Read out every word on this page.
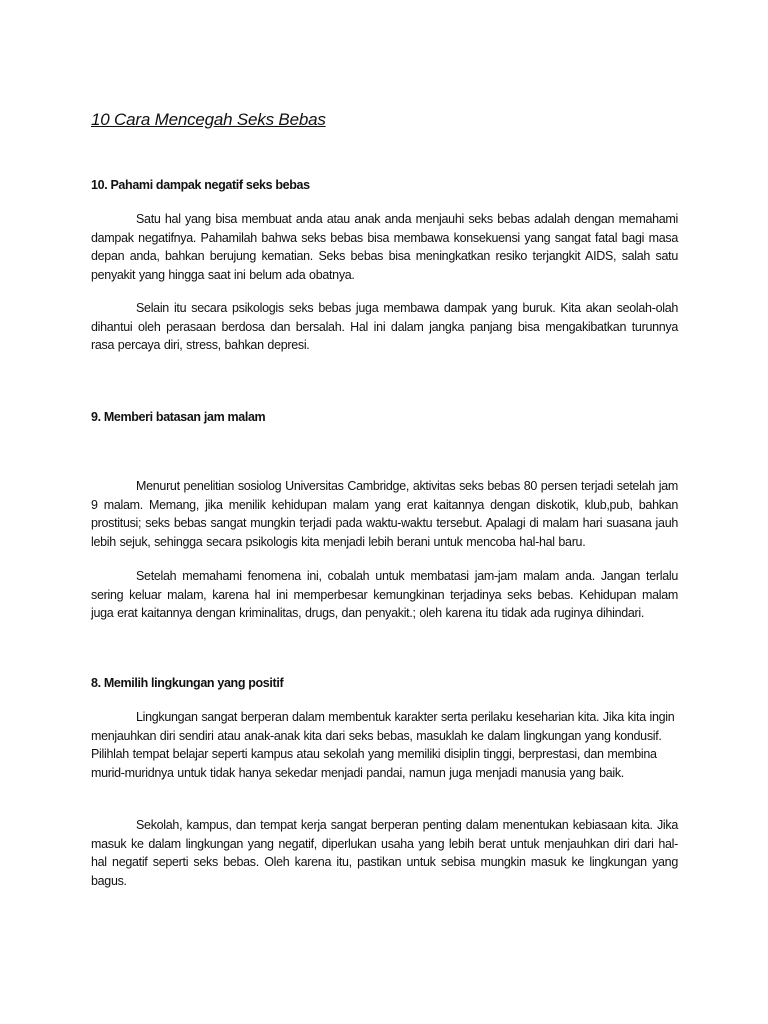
10 Cara Mencegah Seks Bebas
10. Pahami dampak negatif seks bebas

Satu hal yang bisa membuat anda atau anak anda menjauhi seks bebas adalah dengan memahami dampak negatifnya. Pahamilah bahwa seks bebas bisa membawa konsekuensi yang sangat fatal bagi masa depan anda, bahkan berujung kematian. Seks bebas bisa meningkatkan resiko terjangkit AIDS, salah satu penyakit yang hingga saat ini belum ada obatnya.

Selain itu secara psikologis seks bebas juga membawa dampak yang buruk. Kita akan seolah-olah dihantui oleh perasaan berdosa dan bersalah. Hal ini dalam jangka panjang bisa mengakibatkan turunnya rasa percaya diri, stress, bahkan depresi.

9. Memberi batasan jam malam

Menurut penelitian sosiolog Universitas Cambridge, aktivitas seks bebas 80 persen terjadi setelah jam 9 malam. Memang, jika menilik kehidupan malam yang erat kaitannya dengan diskotik, klub,pub, bahkan prostitusi; seks bebas sangat mungkin terjadi pada waktu-waktu tersebut. Apalagi di malam hari suasana jauh lebih sejuk, sehingga secara psikologis kita menjadi lebih berani untuk mencoba hal-hal baru.

Setelah memahami fenomena ini, cobalah untuk membatasi jam-jam malam anda. Jangan terlalu sering keluar malam, karena hal ini memperbesar kemungkinan terjadinya seks bebas. Kehidupan malam juga erat kaitannya dengan kriminalitas, drugs, dan penyakit.; oleh karena itu tidak ada ruginya dihindari.

8. Memilih lingkungan yang positif

Lingkungan sangat berperan dalam membentuk karakter serta perilaku keseharian kita. Jika kita ingin menjauhkan diri sendiri atau anak-anak kita dari seks bebas, masuklah ke dalam lingkungan yang kondusif. Pilihlah tempat belajar seperti kampus atau sekolah yang memiliki disiplin tinggi, berprestasi, dan membina murid-muridnya untuk tidak hanya sekedar menjadi pandai, namun juga menjadi manusia yang baik.

Sekolah, kampus, dan tempat kerja sangat berperan penting dalam menentukan kebiasaan kita. Jika masuk ke dalam lingkungan yang negatif, diperlukan usaha yang lebih berat untuk menjauhkan diri dari hal-hal negatif seperti seks bebas. Oleh karena itu, pastikan untuk sebisa mungkin masuk ke lingkungan yang bagus.
